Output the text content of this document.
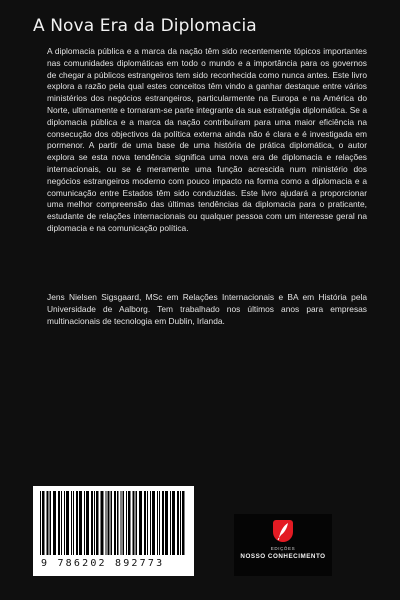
A Nova Era da Diplomacia

A diplomacia pública e a marca da nação têm sido recentemente tópicos importantes nas comunidades diplomáticas em todo o mundo e a importância para os governos de chegar a públicos estrangeiros tem sido reconhecida como nunca antes. Este livro explora a razão pela qual estes conceitos têm vindo a ganhar destaque entre vários ministérios dos negócios estrangeiros, particularmente na Europa e na América do Norte, ultimamente e tornaram-se parte integrante da sua estratégia diplomática. Se a diplomacia pública e a marca da nação contribuíram para uma maior eficiência na consecução dos objectivos da política externa ainda não é clara e é investigada em pormenor. A partir de uma base de uma história de prática diplomática, o autor explora se esta nova tendência significa uma nova era de diplomacia e relações internacionais, ou se é meramente uma função acrescida num ministério dos negócios estrangeiros moderno com pouco impacto na forma como a diplomacia e a comunicação entre Estados têm sido conduzidas. Este livro ajudará a proporcionar uma melhor compreensão das últimas tendências da diplomacia para o praticante, estudante de relações internacionais ou qualquer pessoa com um interesse geral na diplomacia e na comunicação política.

Jens Nielsen Sigsgaard, MSc em Relações Internacionais e BA em História pela Universidade de Aalborg. Tem trabalhado nos últimos anos para empresas multinacionais de tecnologia em Dublin, Irlanda.

9 786202 892773
EDIÇÕES
NOSSO CONHECIMENTO
